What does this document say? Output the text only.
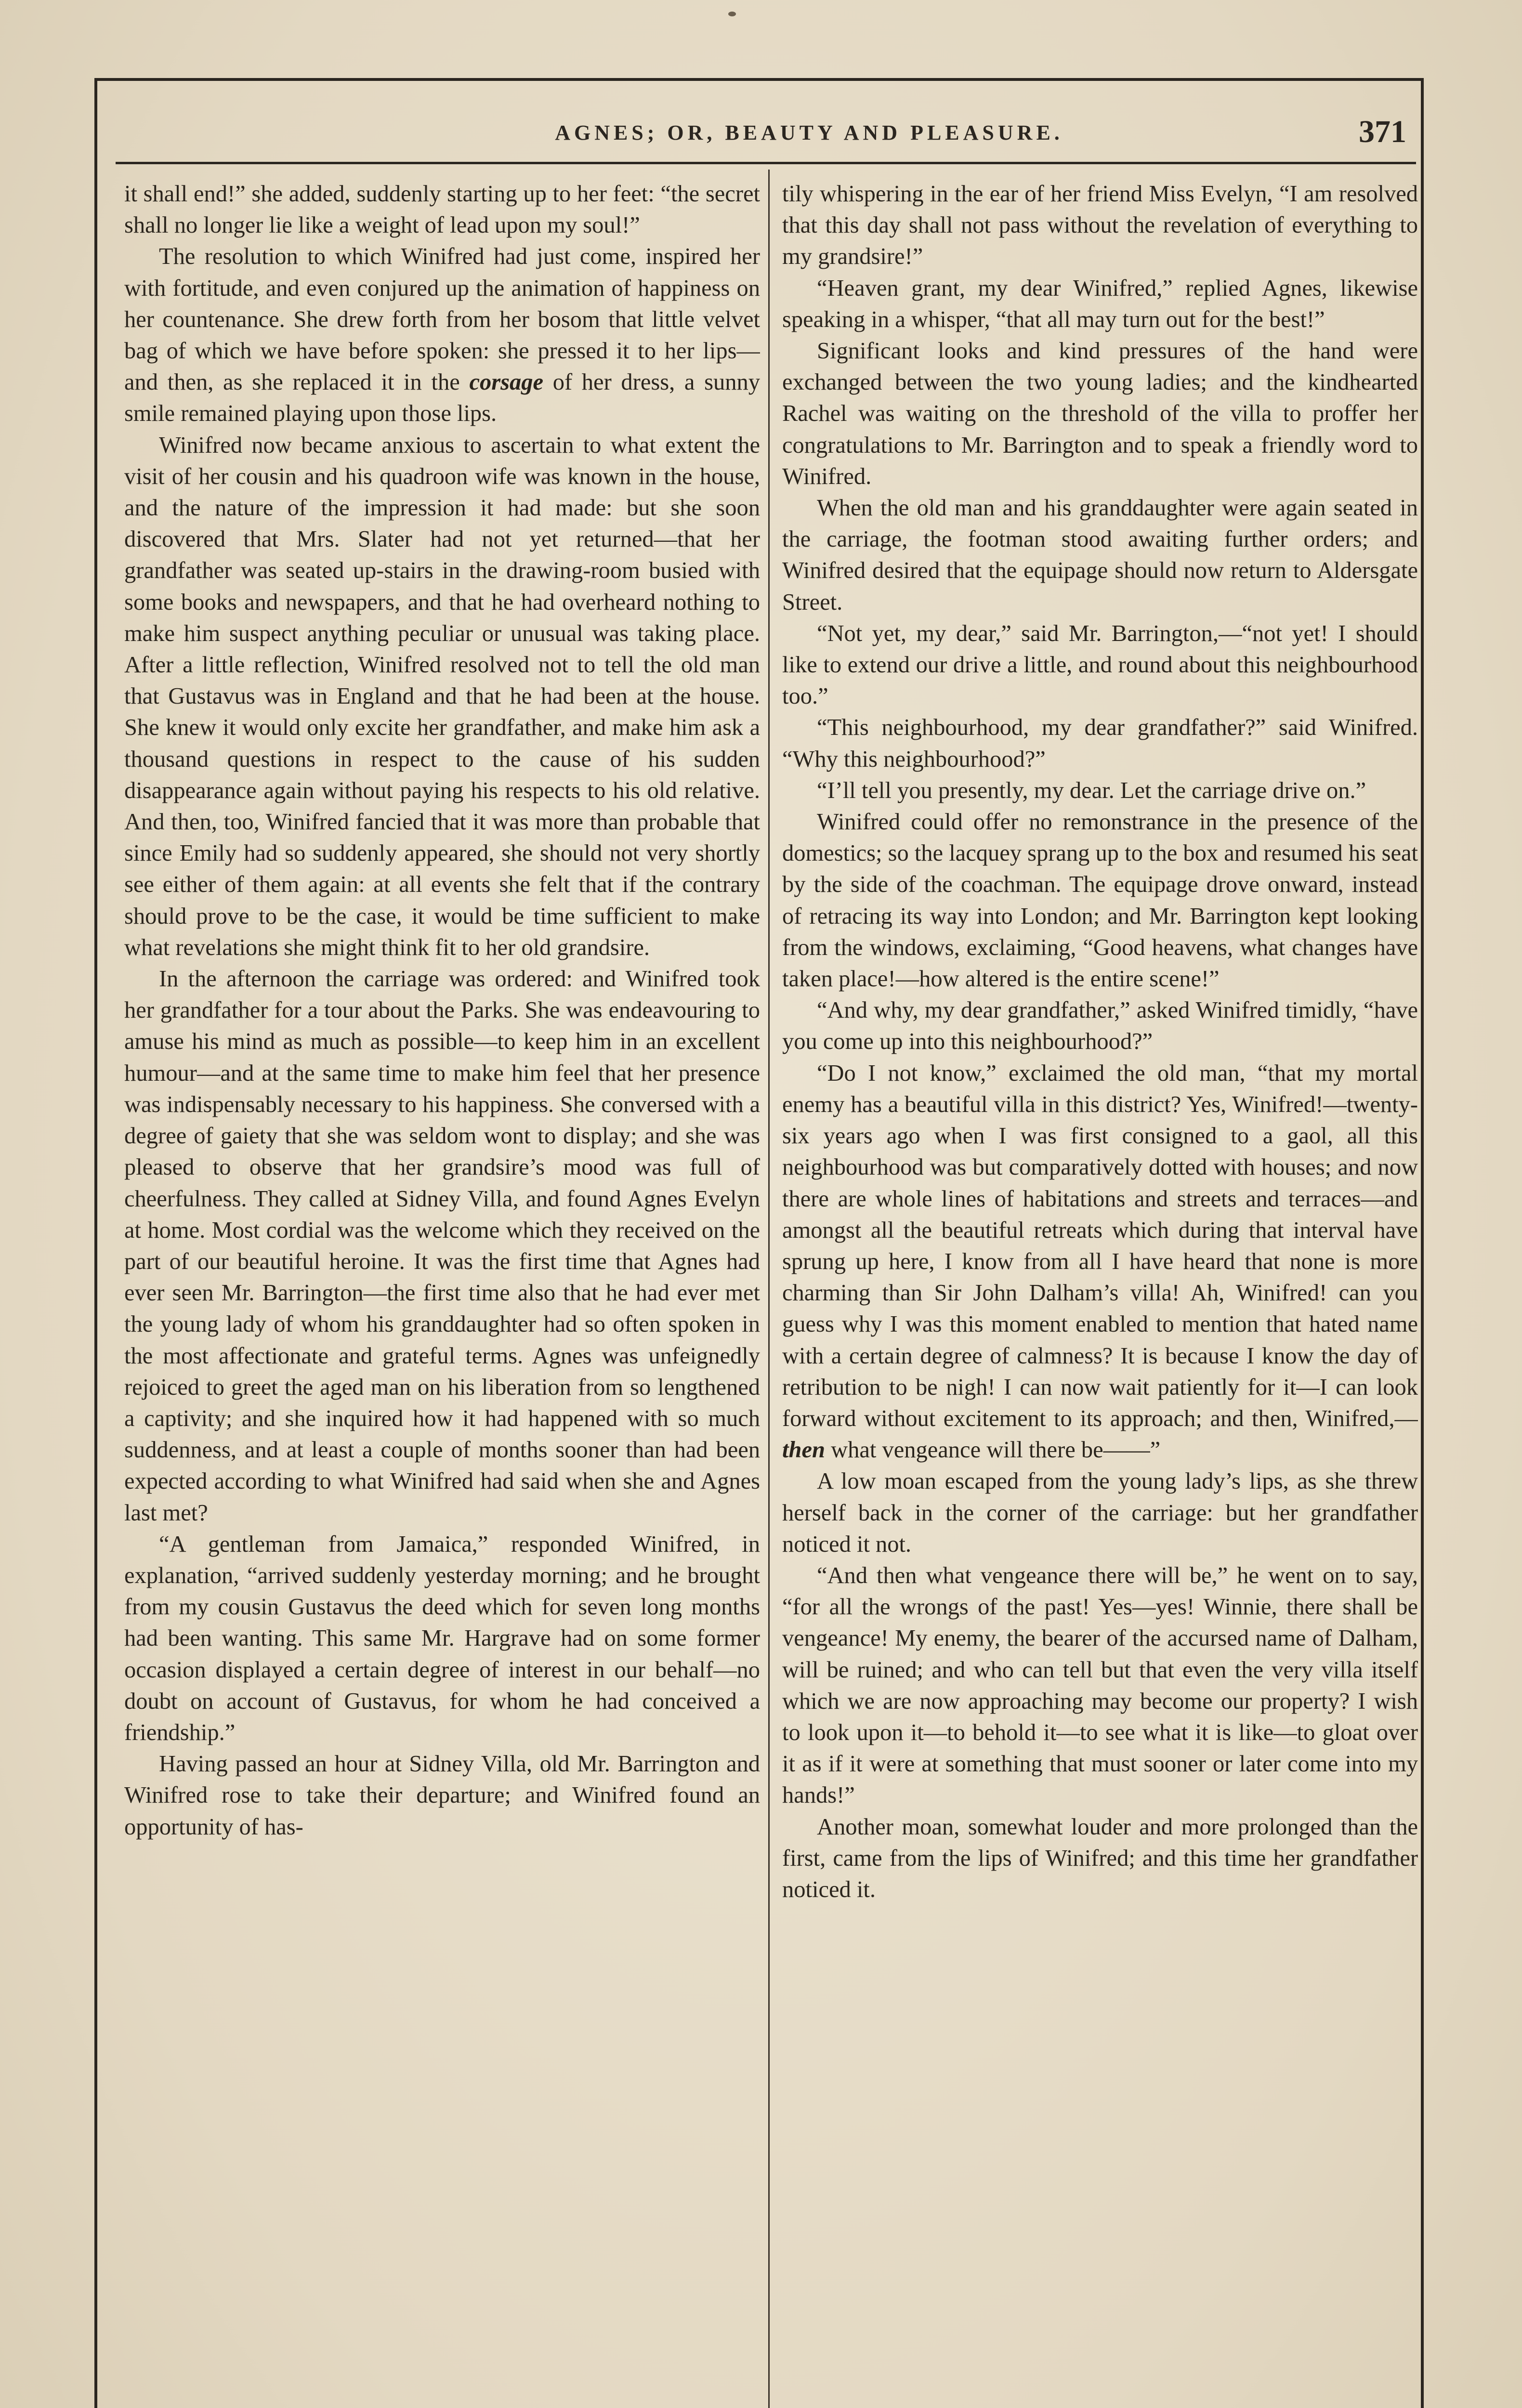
AGNES; OR, BEAUTY AND PLEASURE.	371

it shall end!” she added, suddenly starting up to her feet: “the secret shall no longer lie like a weight of lead upon my soul!”

The resolution to which Winifred had just come, inspired her with fortitude, and even conjured up the animation of happiness on her countenance. She drew forth from her bosom that little velvet bag of which we have before spoken: she pressed it to her lips—and then, as she replaced it in the corsage of her dress, a sunny smile remained playing upon those lips.

Winifred now became anxious to ascertain to what extent the visit of her cousin and his quadroon wife was known in the house, and the nature of the impression it had made: but she soon discovered that Mrs. Slater had not yet returned—that her grandfather was seated up-stairs in the drawing-room busied with some books and newspapers, and that he had overheard nothing to make him suspect anything peculiar or unusual was taking place. After a little reflection, Winifred resolved not to tell the old man that Gustavus was in England and that he had been at the house. She knew it would only excite her grandfather, and make him ask a thousand questions in respect to the cause of his sudden disappearance again without paying his respects to his old relative. And then, too, Winifred fancied that it was more than probable that since Emily had so suddenly appeared, she should not very shortly see either of them again: at all events she felt that if the contrary should prove to be the case, it would be time sufficient to make what revelations she might think fit to her old grandsire.

In the afternoon the carriage was ordered: and Winifred took her grandfather for a tour about the Parks. She was endeavouring to amuse his mind as much as possible—to keep him in an excellent humour—and at the same time to make him feel that her presence was indispensably necessary to his happiness. She conversed with a degree of gaiety that she was seldom wont to display; and she was pleased to observe that her grandsire’s mood was full of cheerfulness. They called at Sidney Villa, and found Agnes Evelyn at home. Most cordial was the welcome which they received on the part of our beautiful heroine. It was the first time that Agnes had ever seen Mr. Barrington—the first time also that he had ever met the young lady of whom his granddaughter had so often spoken in the most affectionate and grateful terms. Agnes was unfeignedly rejoiced to greet the aged man on his liberation from so lengthened a captivity; and she inquired how it had happened with so much suddenness, and at least a couple of months sooner than had been expected according to what Winifred had said when she and Agnes last met?

“A gentleman from Jamaica,” responded Winifred, in explanation, “arrived suddenly yesterday morning; and he brought from my cousin Gustavus the deed which for seven long months had been wanting. This same Mr. Hargrave had on some former occasion displayed a certain degree of interest in our behalf—no doubt on account of Gustavus, for whom he had conceived a friendship.”

Having passed an hour at Sidney Villa, old Mr. Barrington and Winifred rose to take their departure; and Winifred found an opportunity of has-

tily whispering in the ear of her friend Miss Evelyn, “I am resolved that this day shall not pass without the revelation of everything to my grandsire!”

“Heaven grant, my dear Winifred,” replied Agnes, likewise speaking in a whisper, “that all may turn out for the best!”

Significant looks and kind pressures of the hand were exchanged between the two young ladies; and the kindhearted Rachel was waiting on the threshold of the villa to proffer her congratulations to Mr. Barrington and to speak a friendly word to Winifred.

When the old man and his granddaughter were again seated in the carriage, the footman stood awaiting further orders; and Winifred desired that the equipage should now return to Aldersgate Street.

“Not yet, my dear,” said Mr. Barrington,—“not yet! I should like to extend our drive a little, and round about this neighbourhood too.”

“This neighbourhood, my dear grandfather?” said Winifred. “Why this neighbourhood?”

“I’ll tell you presently, my dear. Let the carriage drive on.”

Winifred could offer no remonstrance in the presence of the domestics; so the lacquey sprang up to the box and resumed his seat by the side of the coachman. The equipage drove onward, instead of retracing its way into London; and Mr. Barrington kept looking from the windows, exclaiming, “Good heavens, what changes have taken place!—how altered is the entire scene!”

“And why, my dear grandfather,” asked Winifred timidly, “have you come up into this neighbourhood?”

“Do I not know,” exclaimed the old man, “that my mortal enemy has a beautiful villa in this district? Yes, Winifred!—twenty-six years ago when I was first consigned to a gaol, all this neighbourhood was but comparatively dotted with houses; and now there are whole lines of habitations and streets and terraces—and amongst all the beautiful retreats which during that interval have sprung up here, I know from all I have heard that none is more charming than Sir John Dalham’s villa! Ah, Winifred! can you guess why I was this moment enabled to mention that hated name with a certain degree of calmness? It is because I know the day of retribution to be nigh! I can now wait patiently for it—I can look forward without excitement to its approach; and then, Winifred,—then what vengeance will there be——”

A low moan escaped from the young lady’s lips, as she threw herself back in the corner of the carriage: but her grandfather noticed it not.

“And then what vengeance there will be,” he went on to say, “for all the wrongs of the past! Yes—yes! Winnie, there shall be vengeance! My enemy, the bearer of the accursed name of Dalham, will be ruined; and who can tell but that even the very villa itself which we are now approaching may become our property? I wish to look upon it—to behold it—to see what it is like—to gloat over it as if it were at something that must sooner or later come into my hands!”

Another moan, somewhat louder and more prolonged than the first, came from the lips of Winifred; and this time her grandfather noticed it.
